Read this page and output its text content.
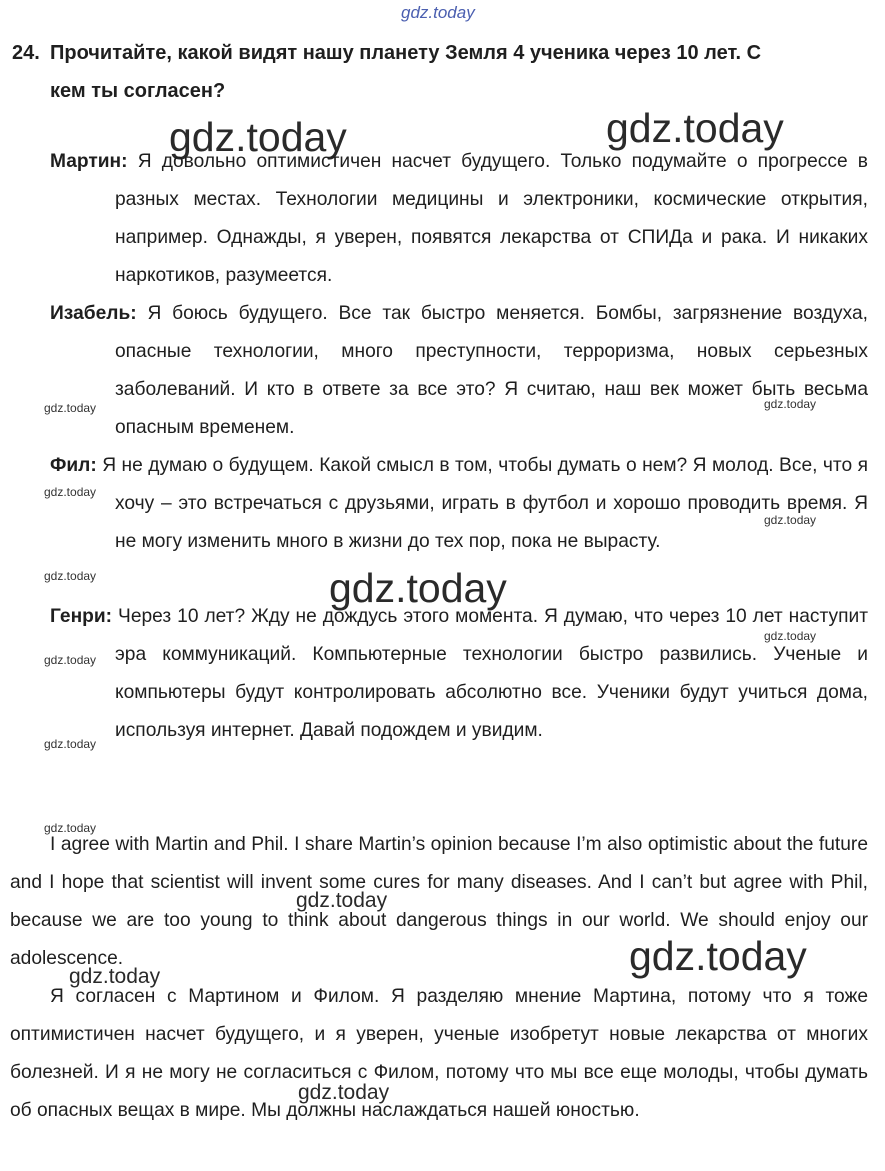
gdz.today
gdz.today	gdz.today
gdz.today
gdz.today
gdz.today
gdz.today
gdz.today
gdz.today	gdz.today
gdz.today
gdz.today
gdz.today
gdz.today
gdz.today
gdz.today
gdz.today
24. Прочитайте, какой видят нашу планету Земля 4 ученика через 10 лет. С
кем ты согласен?
Мартин: Я довольно оптимистичен насчет будущего. Только подумайте о прогрессе в разных местах. Технологии медицины и электроники, космические открытия, например. Однажды, я уверен, появятся лекарства от СПИДа и рака. И никаких наркотиков, разумеется.
Изабель: Я боюсь будущего. Все так быстро меняется. Бомбы, загрязнение воздуха, опасные технологии, много преступности, терроризма, новых серьезных заболеваний. И кто в ответе за все это? Я считаю, наш век может быть весьма опасным временем.
Фил: Я не думаю о будущем. Какой смысл в том, чтобы думать о нем? Я молод. Все, что я хочу – это встречаться с друзьями, играть в футбол и хорошо проводить время. Я не могу изменить много в жизни до тех пор, пока не вырасту.
Генри: Через 10 лет? Жду не дождусь этого момента. Я думаю, что через 10 лет наступит эра коммуникаций. Компьютерные технологии быстро развились. Ученые и компьютеры будут контролировать абсолютно все. Ученики будут учиться дома, используя интернет. Давай подождем и увидим.
I agree with Martin and Phil. I share Martin’s opinion because I’m also optimistic about the future and I hope that scientist will invent some cures for many diseases. And I can’t but agree with Phil, because we are too young to think about dangerous things in our world. We should enjoy our adolescence.
Я согласен с Мартином и Филом. Я разделяю мнение Мартина, потому что я тоже оптимистичен насчет будущего, и я уверен, ученые изобретут новые лекарства от многих болезней. И я не могу не согласиться с Филом, потому что мы все еще молоды, чтобы думать об опасных вещах в мире. Мы должны наслаждаться нашей юностью.
